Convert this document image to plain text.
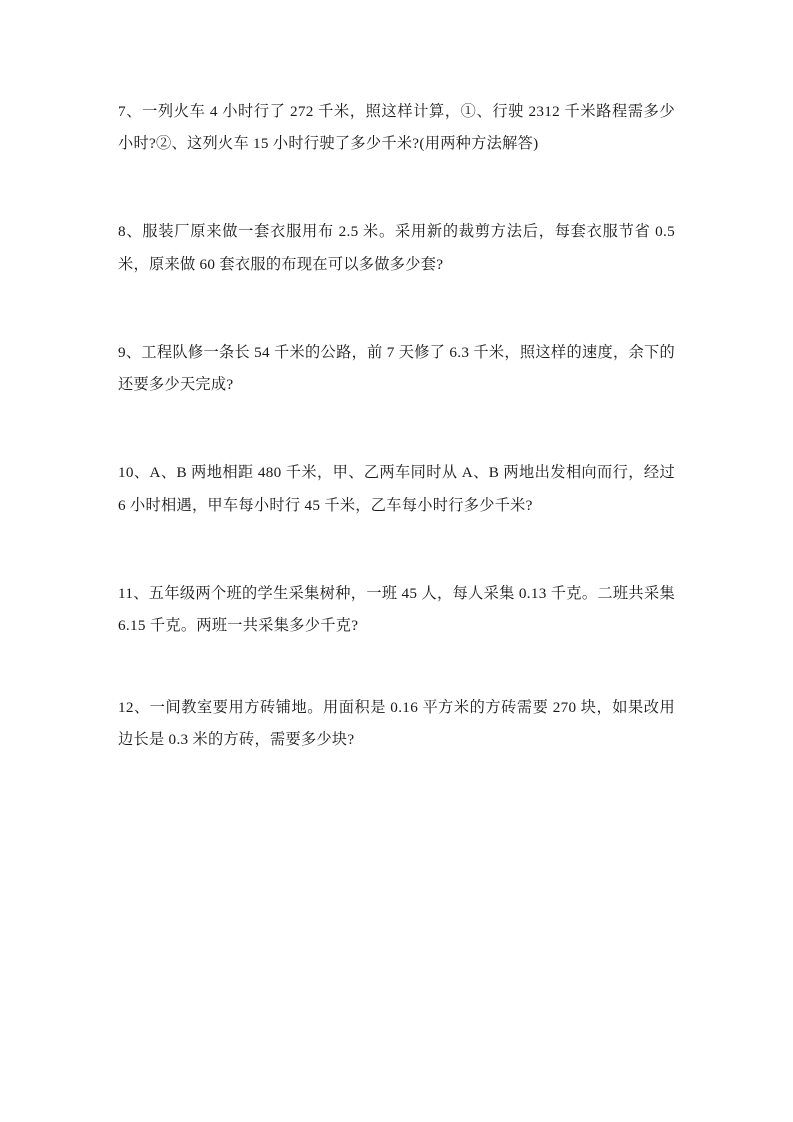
7、一列火车 4 小时行了 272 千米，照这样计算，①、行驶 2312 千米路程需多少小时?②、这列火车 15 小时行驶了多少千米?(用两种方法解答)

8、服装厂原来做一套衣服用布 2.5 米。采用新的裁剪方法后，每套衣服节省 0.5 米，原来做 60 套衣服的布现在可以多做多少套?

9、工程队修一条长 54 千米的公路，前 7 天修了 6.3 千米，照这样的速度，余下的还要多少天完成?

10、A、B 两地相距 480 千米，甲、乙两车同时从 A、B 两地出发相向而行，经过 6 小时相遇，甲车每小时行 45 千米，乙车每小时行多少千米?

11、五年级两个班的学生采集树种，一班 45 人，每人采集 0.13 千克。二班共采集 6.15 千克。两班一共采集多少千克?

12、一间教室要用方砖铺地。用面积是 0.16 平方米的方砖需要 270 块，如果改用边长是 0.3 米的方砖，需要多少块?
